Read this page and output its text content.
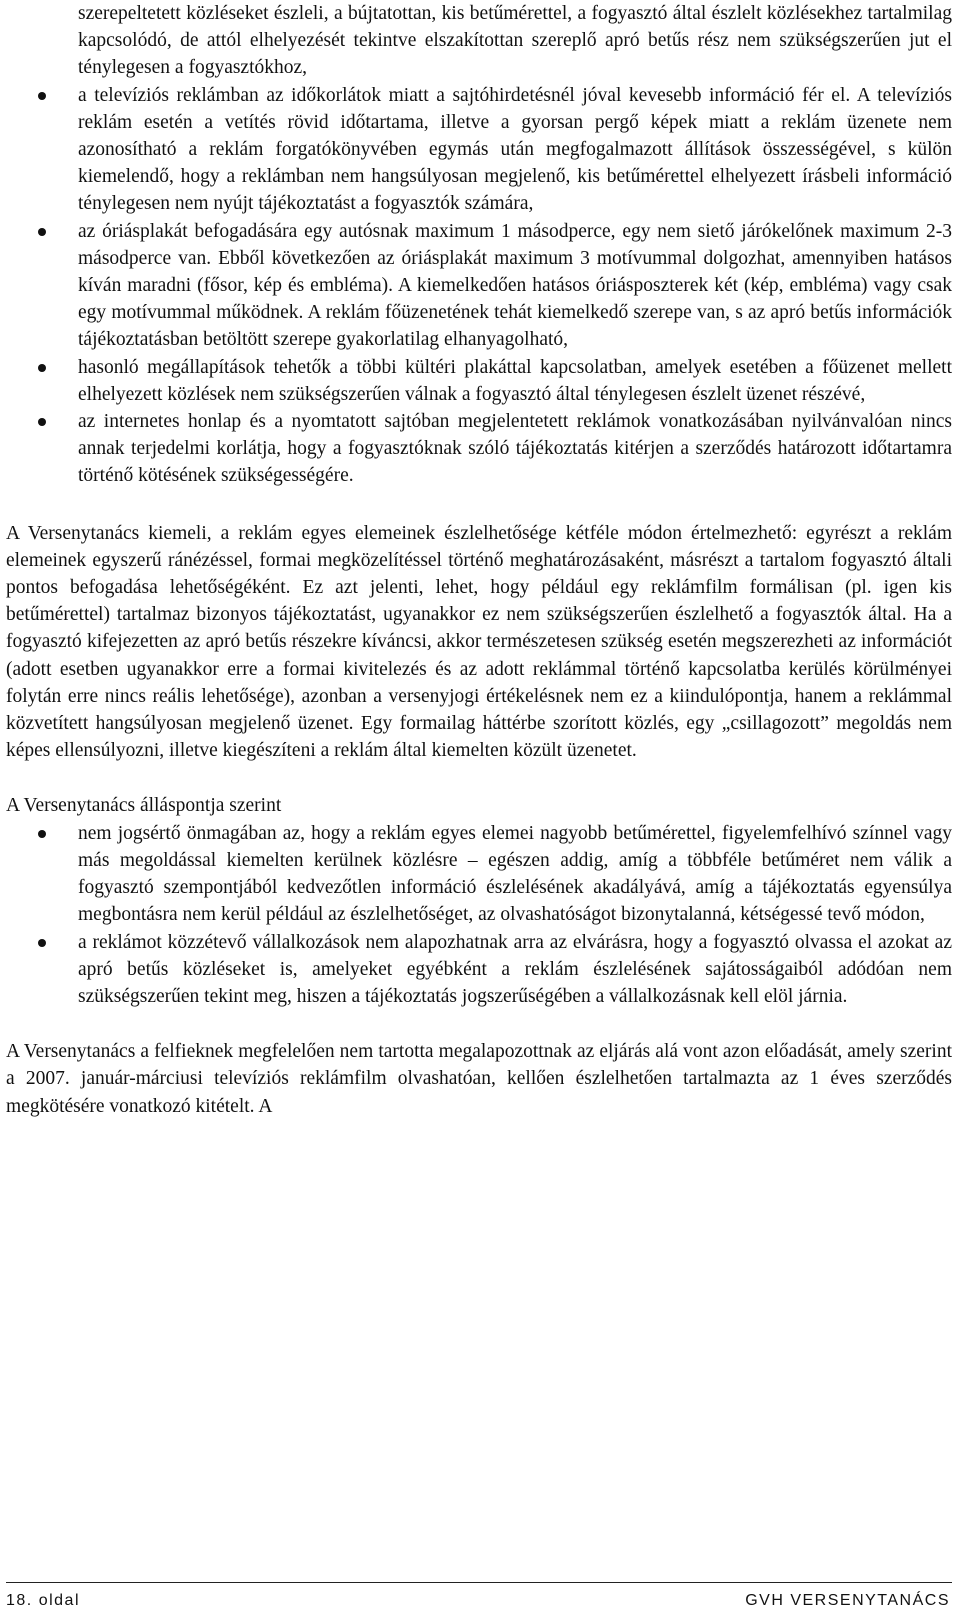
szerepeltetett közléseket észleli, a bújtatottan, kis betűmérettel, a fogyasztó által észlelt közlésekhez tartalmilag kapcsolódó, de attól elhelyezését tekintve elszakítottan szereplő apró betűs rész nem szükségszerűen jut el ténylegesen a fogyasztókhoz,

a televíziós reklámban az időkorlátok miatt a sajtóhirdetésnél jóval kevesebb információ fér el. A televíziós reklám esetén a vetítés rövid időtartama, illetve a gyorsan pergő képek miatt a reklám üzenete nem azonosítható a reklám forgatókönyvében egymás után megfogalmazott állítások összességével, s külön kiemelendő, hogy a reklámban nem hangsúlyosan megjelenő, kis betűmérettel elhelyezett írásbeli információ ténylegesen nem nyújt tájékoztatást a fogyasztók számára,
az óriásplakát befogadására egy autósnak maximum 1 másodperce, egy nem siető járókelőnek maximum 2-3 másodperce van. Ebből következően az óriásplakát maximum 3 motívummal dolgozhat, amennyiben hatásos kíván maradni (fősor, kép és embléma). A kiemelkedően hatásos óriásposzterek két (kép, embléma) vagy csak egy motívummal működnek. A reklám főüzenetének tehát kiemelkedő szerepe van, s az apró betűs információk tájékoztatásban betöltött szerepe gyakorlatilag elhanyagolható,
hasonló megállapítások tehetők a többi kültéri plakáttal kapcsolatban, amelyek esetében a főüzenet mellett elhelyezett közlések nem szükségszerűen válnak a fogyasztó által ténylegesen észlelt üzenet részévé,
az internetes honlap és a nyomtatott sajtóban megjelentetett reklámok vonatkozásában nyilvánvalóan nincs annak terjedelmi korlátja, hogy a fogyasztóknak szóló tájékoztatás kitérjen a szerződés határozott időtartamra történő kötésének szükségességére.

A Versenytanács kiemeli, a reklám egyes elemeinek észlelhetősége kétféle módon értelmezhető: egyrészt a reklám elemeinek egyszerű ránézéssel, formai megközelítéssel történő meghatározásaként, másrészt a tartalom fogyasztó általi pontos befogadása lehetőségéként. Ez azt jelenti, lehet, hogy például egy reklámfilm formálisan (pl. igen kis betűmérettel) tartalmaz bizonyos tájékoztatást, ugyanakkor ez nem szükségszerűen észlelhető a fogyasztók által. Ha a fogyasztó kifejezetten az apró betűs részekre kíváncsi, akkor természetesen szükség esetén megszerezheti az információt (adott esetben ugyanakkor erre a formai kivitelezés és az adott reklámmal történő kapcsolatba kerülés körülményei folytán erre nincs reális lehetősége), azonban a versenyjogi értékelésnek nem ez a kiindulópontja, hanem a reklámmal közvetített hangsúlyosan megjelenő üzenet. Egy formailag háttérbe szorított közlés, egy „csillagozott” megoldás nem képes ellensúlyozni, illetve kiegészíteni a reklám által kiemelten közült üzenetet.

A Versenytanács álláspontja szerint

nem jogsértő önmagában az, hogy a reklám egyes elemei nagyobb betűmérettel, figyelemfelhívó színnel vagy más megoldással kiemelten kerülnek közlésre – egészen addig, amíg a többféle betűméret nem válik a fogyasztó szempontjából kedvezőtlen információ észlelésének akadályává, amíg a tájékoztatás egyensúlya megbontásra nem kerül például az észlelhetőséget, az olvashatóságot bizonytalanná, kétségessé tevő módon,
a reklámot közzétevő vállalkozások nem alapozhatnak arra az elvárásra, hogy a fogyasztó olvassa el azokat az apró betűs közléseket is, amelyeket egyébként a reklám észlelésének sajátosságaiból adódóan nem szükségszerűen tekint meg, hiszen a tájékoztatás jogszerűségében a vállalkozásnak kell elöl járnia.

A Versenytanács a felfieknek megfelelően nem tartotta megalapozottnak az eljárás alá vont azon előadását, amely szerint a 2007. január-márciusi televíziós reklámfilm olvashatóan, kellően észlelhetően tartalmazta az 1 éves szerződés megkötésére vonatkozó kitételt. A

18. oldal	GVH VERSENYTANÁCS
